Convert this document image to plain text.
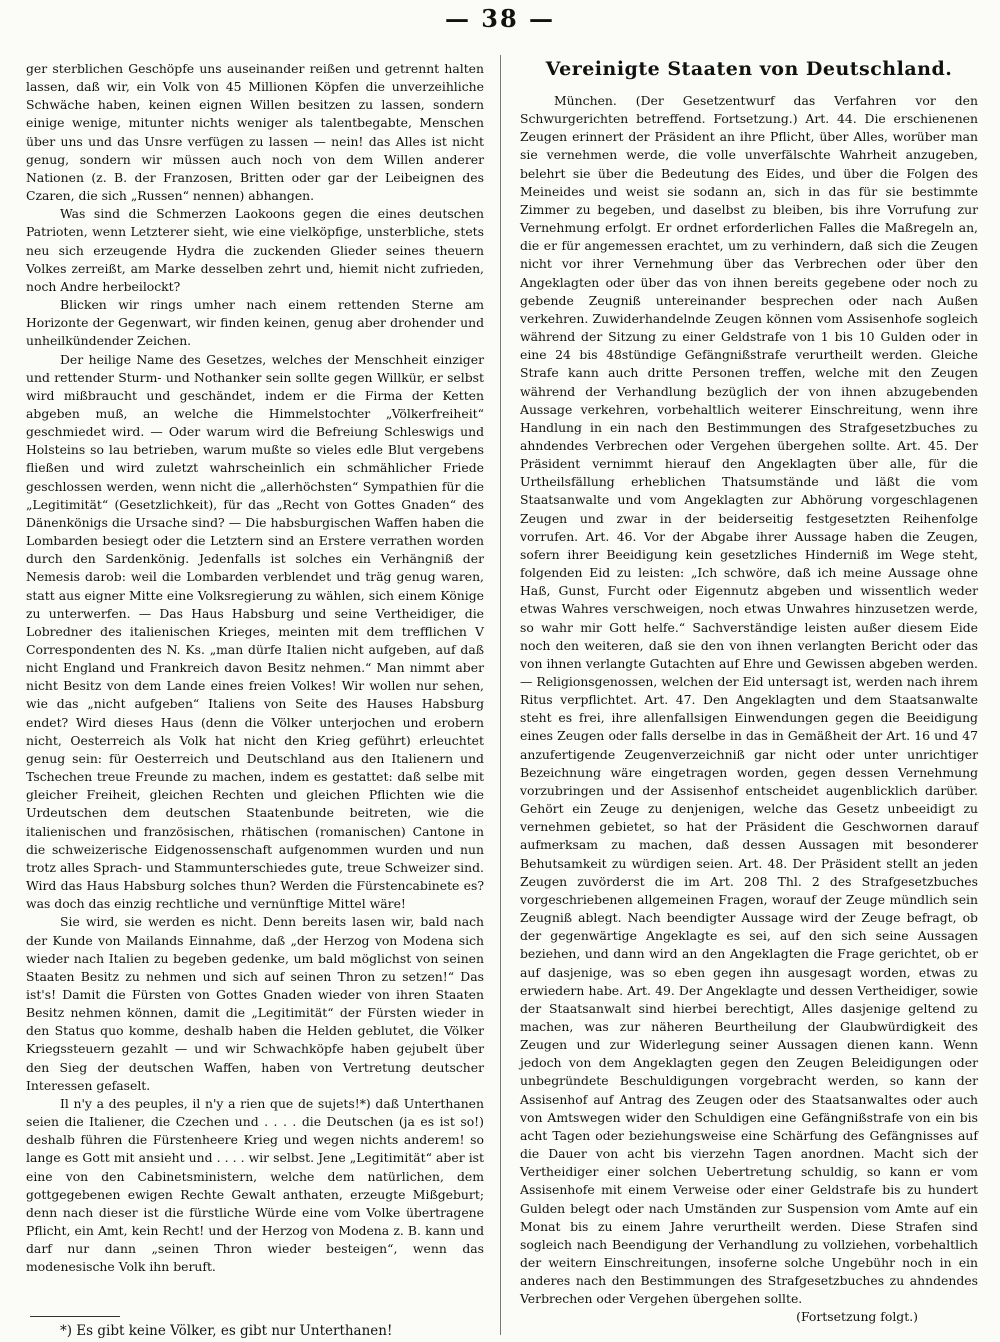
— 38 —

ger sterblichen Geschöpfe uns auseinander reißen und getrennt halten lassen, daß wir, ein Volk von 45 Millionen Köpfen die unverzeihliche Schwäche haben, keinen eignen Willen besitzen zu lassen, sondern einige wenige, mitunter nichts weniger als talentbegabte, Menschen über uns und das Unsre verfügen zu lassen — nein! das Alles ist nicht genug, sondern wir müssen auch noch von dem Willen anderer Nationen (z. B. der Franzosen, Britten oder gar der Leibeignen des Czaren, die sich „Russen“ nennen) abhangen.

Was sind die Schmerzen Laokoons gegen die eines deutschen Patrioten, wenn Letzterer sieht, wie eine vielköpfige, unsterbliche, stets neu sich erzeugende Hydra die zuckenden Glieder seines theuern Volkes zerreißt, am Marke desselben zehrt und, hiemit nicht zufrieden, noch Andre herbeilockt?

Blicken wir rings umher nach einem rettenden Sterne am Horizonte der Gegenwart, wir finden keinen, genug aber drohender und unheilkündender Zeichen.

Der heilige Name des Gesetzes, welches der Menschheit einziger und rettender Sturm- und Nothanker sein sollte gegen Willkür, er selbst wird mißbraucht und geschändet, indem er die Firma der Ketten abgeben muß, an welche die Himmelstochter „Völkerfreiheit“ geschmiedet wird. — Oder warum wird die Befreiung Schleswigs und Holsteins so lau betrieben, warum mußte so vieles edle Blut vergebens fließen und wird zuletzt wahrscheinlich ein schmählicher Friede geschlossen werden, wenn nicht die „allerhöchsten“ Sympathien für die „Legitimität“ (Gesetzlichkeit), für das „Recht von Gottes Gnaden“ des Dänenkönigs die Ursache sind? — Die habsburgischen Waffen haben die Lombarden besiegt oder die Letztern sind an Erstere verrathen worden durch den Sardenkönig. Jedenfalls ist solches ein Verhängniß der Nemesis darob: weil die Lombarden verblendet und träg genug waren, statt aus eigner Mitte eine Volksregierung zu wählen, sich einem Könige zu unterwerfen. — Das Haus Habsburg und seine Vertheidiger, die Lobredner des italienischen Krieges, meinten mit dem trefflichen V Correspondenten des N. Ks. „man dürfe Italien nicht aufgeben, auf daß nicht England und Frankreich davon Besitz nehmen.“ Man nimmt aber nicht Besitz von dem Lande eines freien Volkes! Wir wollen nur sehen, wie das „nicht aufgeben“ Italiens von Seite des Hauses Habsburg endet? Wird dieses Haus (denn die Völker unterjochen und erobern nicht, Oesterreich als Volk hat nicht den Krieg geführt) erleuchtet genug sein: für Oesterreich und Deutschland aus den Italienern und Tschechen treue Freunde zu machen, indem es gestattet: daß selbe mit gleicher Freiheit, gleichen Rechten und gleichen Pflichten wie die Urdeutschen dem deutschen Staatenbunde beitreten, wie die italienischen und französischen, rhätischen (romanischen) Cantone in die schweizerische Eidgenossenschaft aufgenommen wurden und nun trotz alles Sprach- und Stammunterschiedes gute, treue Schweizer sind. Wird das Haus Habsburg solches thun? Werden die Fürstencabinete es? was doch das einzig rechtliche und vernünftige Mittel wäre!

Sie wird, sie werden es nicht. Denn bereits lasen wir, bald nach der Kunde von Mailands Einnahme, daß „der Herzog von Modena sich wieder nach Italien zu begeben gedenke, um bald möglichst von seinen Staaten Besitz zu nehmen und sich auf seinen Thron zu setzen!“ Das ist's! Damit die Fürsten von Gottes Gnaden wieder von ihren Staaten Besitz nehmen können, damit die „Legitimität“ der Fürsten wieder in den Status quo komme, deshalb haben die Helden geblutet, die Völker Kriegssteuern gezahlt — und wir Schwachköpfe haben gejubelt über den Sieg der deutschen Waffen, haben von Vertretung deutscher Interessen gefaselt.

Il n'y a des peuples, il n'y a rien que de sujets!*) daß Unterthanen seien die Italiener, die Czechen und . . . . die Deutschen (ja es ist so!) deshalb führen die Fürstenheere Krieg und wegen nichts anderem! so lange es Gott mit ansieht und . . . . wir selbst. Jene „Legitimität“ aber ist eine von den Cabinetsministern, welche dem natürlichen, dem gottgegebenen ewigen Rechte Gewalt anthaten, erzeugte Mißgeburt; denn nach dieser ist die fürstliche Würde eine vom Volke übertragene Pflicht, ein Amt, kein Recht! und der Herzog von Modena z. B. kann und darf nur dann „seinen Thron wieder besteigen“, wenn das modenesische Volk ihn beruft.

Vereinigte Staaten von Deutschland.

München. (Der Gesetzentwurf das Verfahren vor den Schwurgerichten betreffend. Fortsetzung.) Art. 44. Die erschienenen Zeugen erinnert der Präsident an ihre Pflicht, über Alles, worüber man sie vernehmen werde, die volle unverfälschte Wahrheit anzugeben, belehrt sie über die Bedeutung des Eides, und über die Folgen des Meineides und weist sie sodann an, sich in das für sie bestimmte Zimmer zu begeben, und daselbst zu bleiben, bis ihre Vorrufung zur Vernehmung erfolgt. Er ordnet erforderlichen Falles die Maßregeln an, die er für angemessen erachtet, um zu verhindern, daß sich die Zeugen nicht vor ihrer Vernehmung über das Verbrechen oder über den Angeklagten oder über das von ihnen bereits gegebene oder noch zu gebende Zeugniß untereinander besprechen oder nach Außen verkehren. Zuwiderhandelnde Zeugen können vom Assisenhofe sogleich während der Sitzung zu einer Geldstrafe von 1 bis 10 Gulden oder in eine 24 bis 48stündige Gefängnißstrafe verurtheilt werden. Gleiche Strafe kann auch dritte Personen treffen, welche mit den Zeugen während der Verhandlung bezüglich der von ihnen abzugebenden Aussage verkehren, vorbehaltlich weiterer Einschreitung, wenn ihre Handlung in ein nach den Bestimmungen des Strafgesetzbuches zu ahndendes Verbrechen oder Vergehen übergehen sollte. Art. 45. Der Präsident vernimmt hierauf den Angeklagten über alle, für die Urtheilsfällung erheblichen Thatsumstände und läßt die vom Staatsanwalte und vom Angeklagten zur Abhörung vorgeschlagenen Zeugen und zwar in der beiderseitig festgesetzten Reihenfolge vorrufen. Art. 46. Vor der Abgabe ihrer Aussage haben die Zeugen, sofern ihrer Beeidigung kein gesetzliches Hinderniß im Wege steht, folgenden Eid zu leisten: „Ich schwöre, daß ich meine Aussage ohne Haß, Gunst, Furcht oder Eigennutz abgeben und wissentlich weder etwas Wahres verschweigen, noch etwas Unwahres hinzusetzen werde, so wahr mir Gott helfe.“ Sachverständige leisten außer diesem Eide noch den weiteren, daß sie den von ihnen verlangten Bericht oder das von ihnen verlangte Gutachten auf Ehre und Gewissen abgeben werden. — Religionsgenossen, welchen der Eid untersagt ist, werden nach ihrem Ritus verpflichtet. Art. 47. Den Angeklagten und dem Staatsanwalte steht es frei, ihre allenfallsigen Einwendungen gegen die Beeidigung eines Zeugen oder falls derselbe in das in Gemäßheit der Art. 16 und 47 anzufertigende Zeugenverzeichniß gar nicht oder unter unrichtiger Bezeichnung wäre eingetragen worden, gegen dessen Vernehmung vorzubringen und der Assisenhof entscheidet augenblicklich darüber. Gehört ein Zeuge zu denjenigen, welche das Gesetz unbeeidigt zu vernehmen gebietet, so hat der Präsident die Geschwornen darauf aufmerksam zu machen, daß dessen Aussagen mit besonderer Behutsamkeit zu würdigen seien. Art. 48. Der Präsident stellt an jeden Zeugen zuvörderst die im Art. 208 Thl. 2 des Strafgesetzbuches vorgeschriebenen allgemeinen Fragen, worauf der Zeuge mündlich sein Zeugniß ablegt. Nach beendigter Aussage wird der Zeuge befragt, ob der gegenwärtige Angeklagte es sei, auf den sich seine Aussagen beziehen, und dann wird an den Angeklagten die Frage gerichtet, ob er auf dasjenige, was so eben gegen ihn ausgesagt worden, etwas zu erwiedern habe. Art. 49. Der Angeklagte und dessen Vertheidiger, sowie der Staatsanwalt sind hierbei berechtigt, Alles dasjenige geltend zu machen, was zur näheren Beurtheilung der Glaubwürdigkeit des Zeugen und zur Widerlegung seiner Aussagen dienen kann. Wenn jedoch von dem Angeklagten gegen den Zeugen Beleidigungen oder unbegründete Beschuldigungen vorgebracht werden, so kann der Assisenhof auf Antrag des Zeugen oder des Staatsanwaltes oder auch von Amtswegen wider den Schuldigen eine Gefängnißstrafe von ein bis acht Tagen oder beziehungsweise eine Schärfung des Gefängnisses auf die Dauer von acht bis vierzehn Tagen anordnen. Macht sich der Vertheidiger einer solchen Uebertretung schuldig, so kann er vom Assisenhofe mit einem Verweise oder einer Geldstrafe bis zu hundert Gulden belegt oder nach Umständen zur Suspension vom Amte auf ein Monat bis zu einem Jahre verurtheilt werden. Diese Strafen sind sogleich nach Beendigung der Verhandlung zu vollziehen, vorbehaltlich der weitern Einschreitungen, insoferne solche Ungebühr noch in ein anderes nach den Bestimmungen des Strafgesetzbuches zu ahndendes Verbrechen oder Vergehen übergehen sollte.

(Fortsetzung folgt.)

*) Es gibt keine Völker, es gibt nur Unterthanen!
